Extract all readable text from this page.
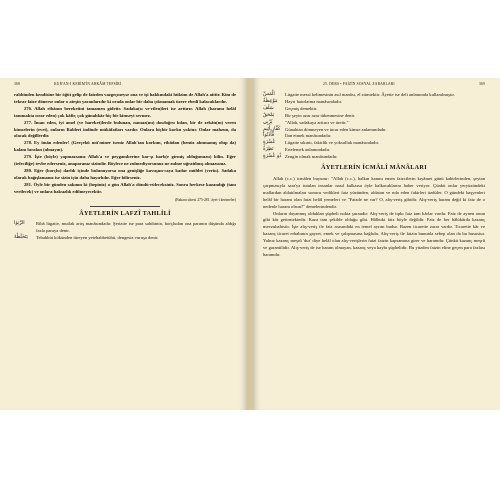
368	KUR'AN-I KERİM'İN AHKÂM TEFSİRİ

rabbinden kendisine bir öğüt gelip de faizden vazgeçmeyse ona ve işi hakkındaki hüküm de Allah'a aittir. Kim de tekrar faize dönerse onlar o ateşin yaranlarıdır ki orada onlar bir daha çıkmamak üzere ebedî kalacaklardır.

276. Allah ribânın bereketini tamamen gidrtir. Sadaka(sı ve-rilen)leri ise arttırır. Allah (haramı helâl tanımakta ısrar eden) çok kâfir, çok günahkâr hiç bir kimseyi sevmez.

277. İman eden, iyi amel (ve hareket)lerde bulunan, namaz(ını) dosdoğru kılan, bir de zekâtı(nı) veren kimselerin (evet), onların Rableri indinde mükâfatları vardır. Onlara hiçbir korku yoktur. Onlar mahzun, da olacak değillerdir.

278. Ey îmân edenler! (Gerçekû mü'miner iseniz Allah'tan korkun, ribâdan (henüz alınmamış olup da) kalanı bırakın (almayın).

279. İşte (böyle) yapmazsanız Allah'a ve peygamberine kar-şı harb(e girmiş olduğunuzu) bilin. Eğer (tefeciliğe) tevbe ederseniz, anaparanız sizindir. Böylece ne zulmediyorsunuz ne zulme uğratılmış olmazsınız.

280. Eğer (borçlu) darlık içinde bulunuyorsa ona genişliğe kavuşun-caya kadar mühlet (verin). Sadaka olarak bağışlamanız ise sizin için daha hayırlıdır. Eğer bilirseniz.

281. Öyle bir günden sakının ki (hepiniz) o gün Allah'a döndü-rüleceksiniz. Sonra herkese kazandığı (tam verilecek) ve onlara haksızlık edilmeyecektir.

(Bakara sûresi 275-281. âyet-i kerimeler)
ÂYETLERİN LAFZÎ TAHLİLİ
الرِّبَوٰا	Ribâ lügatte, mutlak artış manâsındadır. Şeriatte ise para sahibinin, borçludan ona paranın düşünda aldığı fazla paraya denir.
يَتَخَبَّطُهُ	Tehabbüt kökünden türeyen yetehabbetühü, dengesiz vuruşa denir.
25. DERS • FAİZİN SOSYAL ZARARLARI	369
الْمَسِّ	Lügatte messi kelimesinin asıl manâsı, el sürmektir. Âyette ise deli anlamında kullanılmıştır.
مَوْعِظَةٌ	Hayrı hatırlatma manâsındadır.
سَلَفَ	Geçmiş demektir.
يَمْحَقُ	Bir şeyin azar azar tükenmesine denir.
يُرْبِي	"Allah, sadakaya arttırır ve üretir."
كَفَّارٍ أَثِيمٍ	Günahtan dönmeyen ve inrar eden kimse anlamındadır.
فَأْذَنُوا	İlan etmek manâsındadır.
عُسْرَةٍ	Lügatte sıkıntı, fakirlik ve yoksulluk manâsındadır.
نَظِرَةٌ	Ertelemek anlamındadır.
ذُو عُسْرَةٍ Zengin olmak manâsındadır.
ÂYETLERİN İCMÂLÎ MÂNÂLARI

Allah (c.c.) icmâlen buyurur: "Allah (c.c.), halkın kanını emen faizcilerin kıyâmet günü kabirlerinden, şeytan çarpmasıyla sara'ya tutulan insanlar nasıl kalkarsa öyle kalkacaklarını haber veriyor. Çünkü onlar yeryüzündeki mallardan aldatılmaları sonucu vedikleri faiz yüzünden, aldatan ve nda eden fakirleri üzdüler. O gündeki başyenleri helâl bir haram olan faizi helâl yemeleri ve "Faizde ne var? O, alış-veriş gibidir. Alış-veriş haram değil ki faiz de o nedenle haram olsun?" demelerindendir.

Onların dayanmış olduklan şüpheli nokta şuraudir: Alış-veriş de tıpkı faiz tam kârlar vardır. Faiz de aynen onun gibi kâr getirmektedir. Kaza tam şekilde olduğu gibi. Hâlbuki faiz böyle değildir. Faiz de her hâlükârda kazanç mevzubahistir. İşte alış-veriş ile faiz arasındaki en temel ayrım budur. Bazen ticarette zarar vardır. Ticarette kâr ve kazanç ticaret erbabının gayret, emek ve çalışmasına bağlıdır. Alış-veriş ile faizin bununla sebep olan da bu husustur. Yalnız kazanç meşrû 'dur' diye helâl olan alış-verişlerin faizi faizin kapsamına girer ve haramdır. Çünkü kazanç meşrû ve garantilidir. Alış-veriş de ise haram olmayan, kazanç veya kaybı şüphelidir. Bu yüzden faizin eline geçen para fazlası haramdır.
